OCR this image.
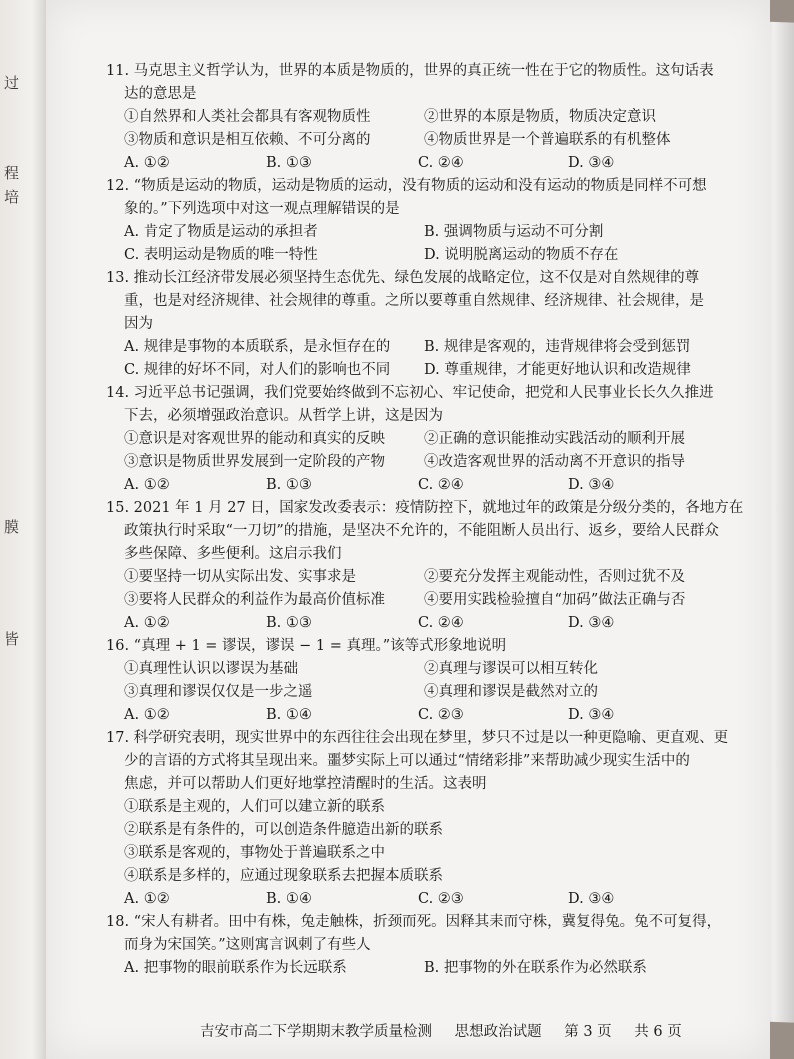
过
程
培
膜
皆

11. 马克思主义哲学认为，世界的本质是物质的，世界的真正统一性在于它的物质性。这句话表
达的意思是

①自然界和人类社会都具有客观物质性	②世界的本原是物质，物质决定意识
③物质和意识是相互依赖、不可分离的	④物质世界是一个普遍联系的有机整体
A. ①②	B. ①③	C. ②④	D. ③④

12. “物质是运动的物质，运动是物质的运动，没有物质的运动和没有运动的物质是同样不可想
象的。”下列选项中对这一观点理解错误的是

A. 肯定了物质是运动的承担者	B. 强调物质与运动不可分割
C. 表明运动是物质的唯一特性	D. 说明脱离运动的物质不存在

13. 推动长江经济带发展必须坚持生态优先、绿色发展的战略定位，这不仅是对自然规律的尊
重，也是对经济规律、社会规律的尊重。之所以要尊重自然规律、经济规律、社会规律，是
因为

A. 规律是事物的本质联系，是永恒存在的	B. 规律是客观的，违背规律将会受到惩罚
C. 规律的好坏不同，对人们的影响也不同	D. 尊重规律，才能更好地认识和改造规律

14. 习近平总书记强调，我们党要始终做到不忘初心、牢记使命，把党和人民事业长长久久推进
下去，必须增强政治意识。从哲学上讲，这是因为

①意识是对客观世界的能动和真实的反映	②正确的意识能推动实践活动的顺利开展
③意识是物质世界发展到一定阶段的产物	④改造客观世界的活动离不开意识的指导
A. ①②	B. ①③	C. ②④	D. ③④

15. 2021 年 1 月 27 日，国家发改委表示：疫情防控下，就地过年的政策是分级分类的，各地方在
政策执行时采取“一刀切”的措施，是坚决不允许的，不能阻断人员出行、返乡，要给人民群众
多些保障、多些便利。这启示我们

①要坚持一切从实际出发、实事求是	②要充分发挥主观能动性，否则过犹不及
③要将人民群众的利益作为最高价值标准	④要用实践检验擅自“加码”做法正确与否
A. ①②	B. ①③	C. ②④	D. ③④

16. “真理 + 1 = 谬误，谬误 − 1 = 真理。”该等式形象地说明

①真理性认识以谬误为基础	②真理与谬误可以相互转化
③真理和谬误仅仅是一步之遥	④真理和谬误是截然对立的
A. ①②	B. ①④	C. ②③	D. ③④

17. 科学研究表明，现实世界中的东西往往会出现在梦里，梦只不过是以一种更隐喻、更直观、更
少的言语的方式将其呈现出来。噩梦实际上可以通过“情绪彩排”来帮助减少现实生活中的
焦虑，并可以帮助人们更好地掌控清醒时的生活。这表明

①联系是主观的，人们可以建立新的联系
②联系是有条件的，可以创造条件臆造出新的联系
③联系是客观的，事物处于普遍联系之中
④联系是多样的，应通过现象联系去把握本质联系
A. ①②	B. ①④	C. ②③	D. ③④

18. “宋人有耕者。田中有株，兔走触株，折颈而死。因释其耒而守株，冀复得兔。兔不可复得，
而身为宋国笑。”这则寓言讽刺了有些人

A. 把事物的眼前联系作为长远联系	B. 把事物的外在联系作为必然联系
吉安市高二下学期期末教学质量检测 思想政治试题 第 3 页 共 6 页
